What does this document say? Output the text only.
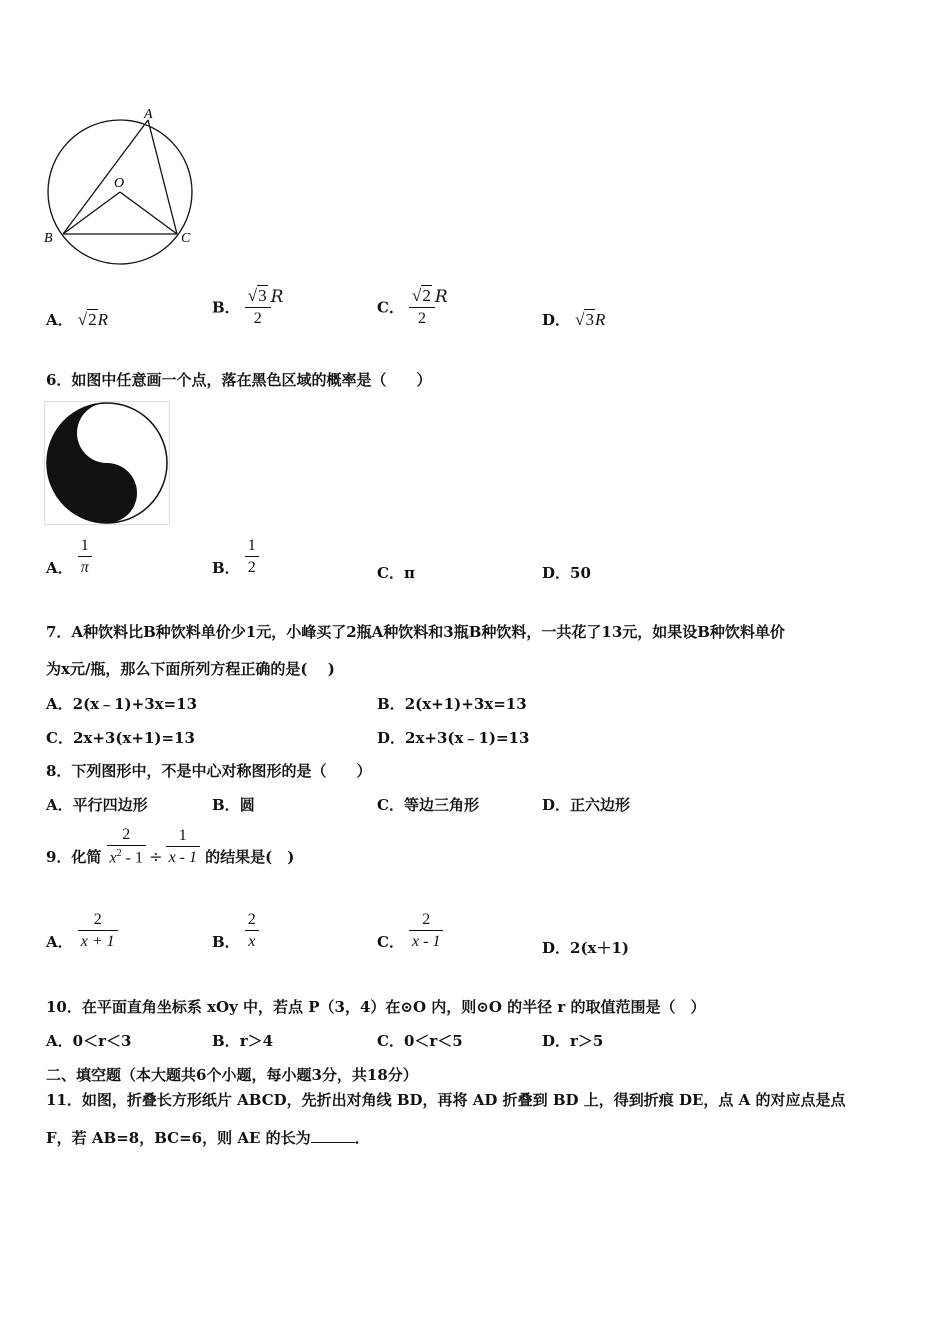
A
O
B	C
A． √2R
B． $\frac{√3}{2}$ R
C． $\frac{√2}{2}$ R
D． √3R
6．如图中任意画一个点，落在黑色区域的概率是（　　）
A． $\frac{1}{\pi}$	B． $\frac{1}{2}$	C．π	D．50
7．A种饮料比B种饮料单价少1元，小峰买了2瓶A种饮料和3瓶B种饮料，一共花了13元，如果设B种饮料单价
为x元/瓶，那么下面所列方程正确的是(　 )
A．2(x﹣1)+3x=13	B．2(x+1)+3x=13
C．2x+3(x+1)=13	D．2x+3(x﹣1)=13
8．下列图形中，不是中心对称图形的是（　　）
A．平行四边形	B．圆	C．等边三角形	D．正六边形
9．化简 $\frac{2}{x^2 - 1} \div \frac{1}{x - 1}$ 的结果是(　)
A． $\frac{2}{x + 1}$	B． $\frac{2}{x}$	C． $\frac{2}{x - 1}$	D．2(x＋1)
10．在平面直角坐标系 xOy 中，若点 P（3，4）在⊙O 内，则⊙O 的半径 r 的取值范围是（　）
A．0＜r＜3	B．r＞4	C．0＜r＜5	D．r＞5
二、填空题（本大题共6个小题，每小题3分，共18分）
11．如图，折叠长方形纸片 ABCD，先折出对角线 BD，再将 AD 折叠到 BD 上，得到折痕 DE，点 A 的对应点是点
F，若 AB=8，BC=6，则 AE 的长为	．
